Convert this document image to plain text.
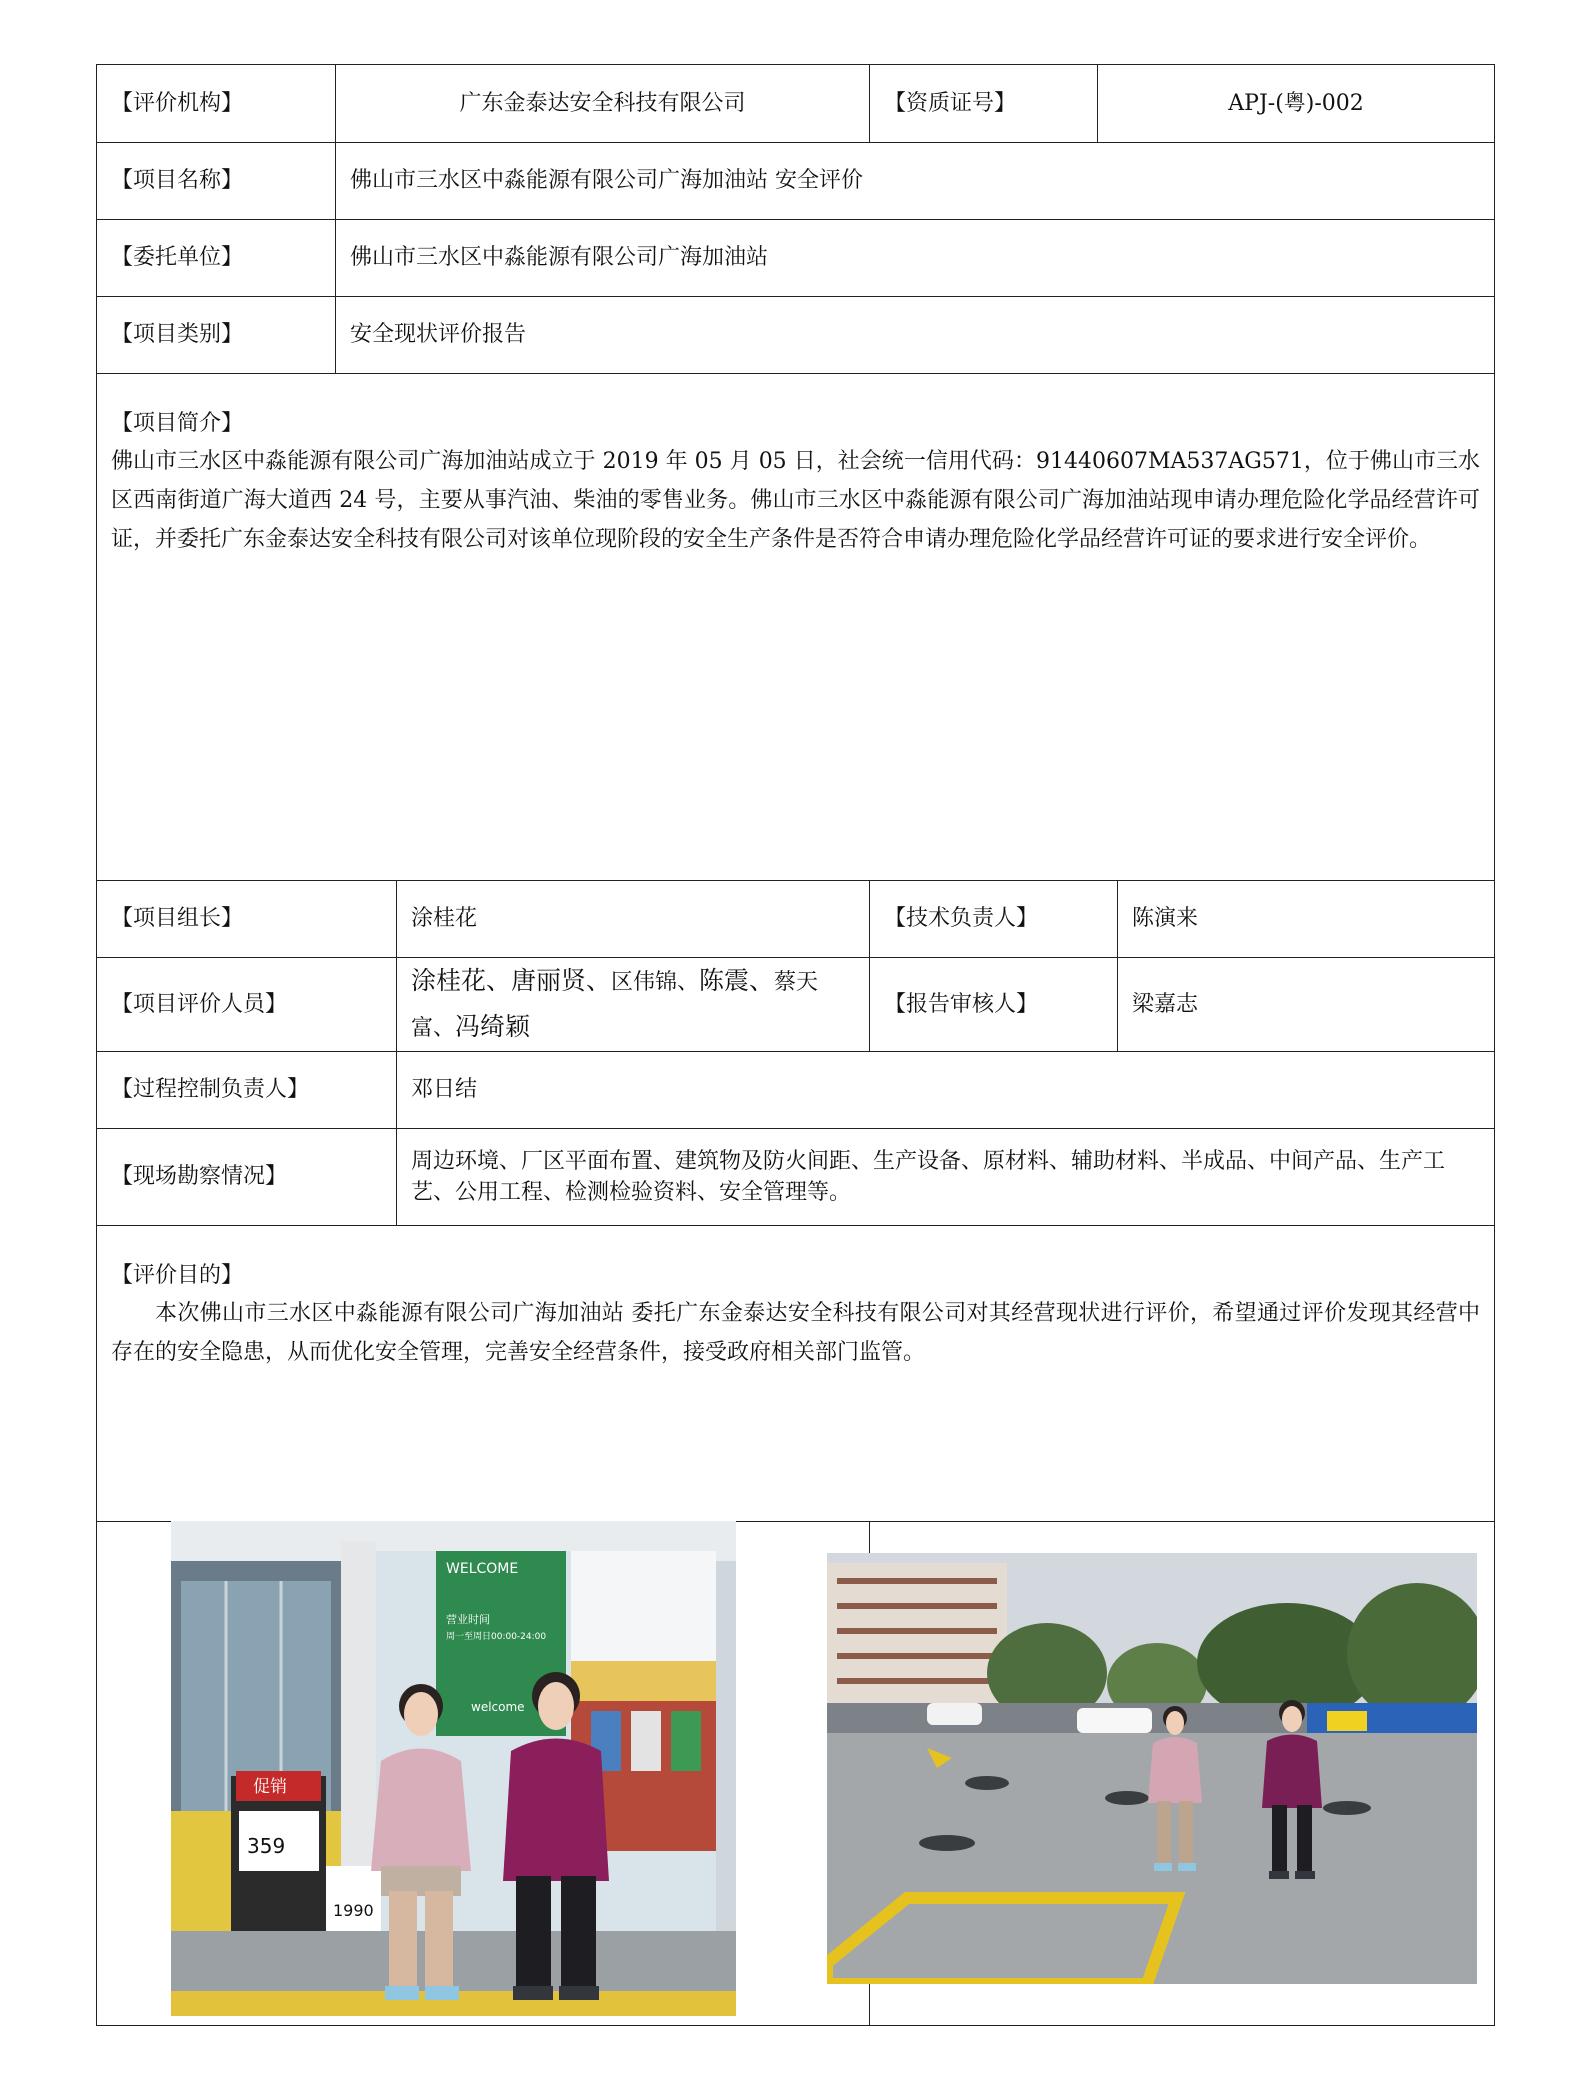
【评价机构】	广东金泰达安全科技有限公司		【资质证号】	APJ-(粤)-002	
【项目名称】	佛山市三水区中淼能源有限公司广海加油站 安全评价				
【委托单位】	佛山市三水区中淼能源有限公司广海加油站				
【项目类别】	安全现状评价报告				

【项目简介】

佛山市三水区中淼能源有限公司广海加油站成立于 2019 年 05 月 05 日，社会统一信用代码：91440607MA537AG571，位于佛山市三水区西南街道广海大道西 24 号，主要从事汽油、柴油的零售业务。佛山市三水区中淼能源有限公司广海加油站现申请办理危险化学品经营许可证，并委托广东金泰达安全科技有限公司对该单位现阶段的安全生产条件是否符合申请办理危险化学品经营许可证的要求进行安全评价。					

【项目组长】		涂桂花	【技术负责人】		陈演来
【项目评价人员】		涂桂花、唐丽贤、区伟锦、陈震、蔡天
富、冯绮颖	【报告审核人】		梁嘉志
【过程控制负责人】		邓日结			
【现场勘察情况】		周边环境、厂区平面布置、建筑物及防火间距、生产设备、原材料、辅助材料、半成品、中间产品、生产工艺、公用工程、检测检验资料、安全管理等。			

【评价目的】

本次佛山市三水区中淼能源有限公司广海加油站 委托广东金泰达安全科技有限公司对其经营现状进行评价，希望通过评价发现其经营中存在的安全隐患，从而优化安全管理，完善安全经营条件，接受政府相关部门监管。					

WELCOME
营业时间
周一至周日00:00-24:00
welcome
促销
359
1990
